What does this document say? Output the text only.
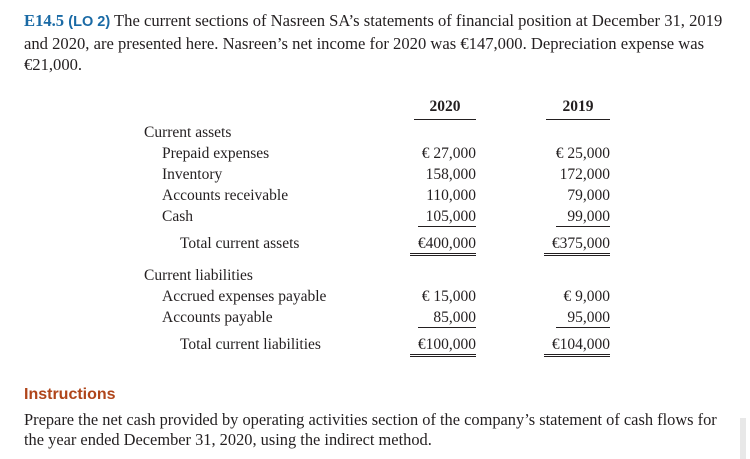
E14.5 (LO 2) The current sections of Nasreen SA’s statements of financial position at December 31, 2019 and 2020, are presented here. Nasreen’s net income for 2020 was €147,000. Depreciation expense was €21,000.
2020	2019
Current assets
Prepaid expenses	€ 27,000	€ 25,000
Inventory	158,000	172,000
Accounts receivable	110,000	79,000
Cash	105,000	99,000
Total current assets	€400,000	€375,000
Current liabilities
Accrued expenses payable	€ 15,000	€ 9,000
Accounts payable	85,000	95,000
Total current liabilities	€100,000	€104,000
Instructions
Prepare the net cash provided by operating activities section of the company’s statement of cash flows for the year ended December 31, 2020, using the indirect method.
